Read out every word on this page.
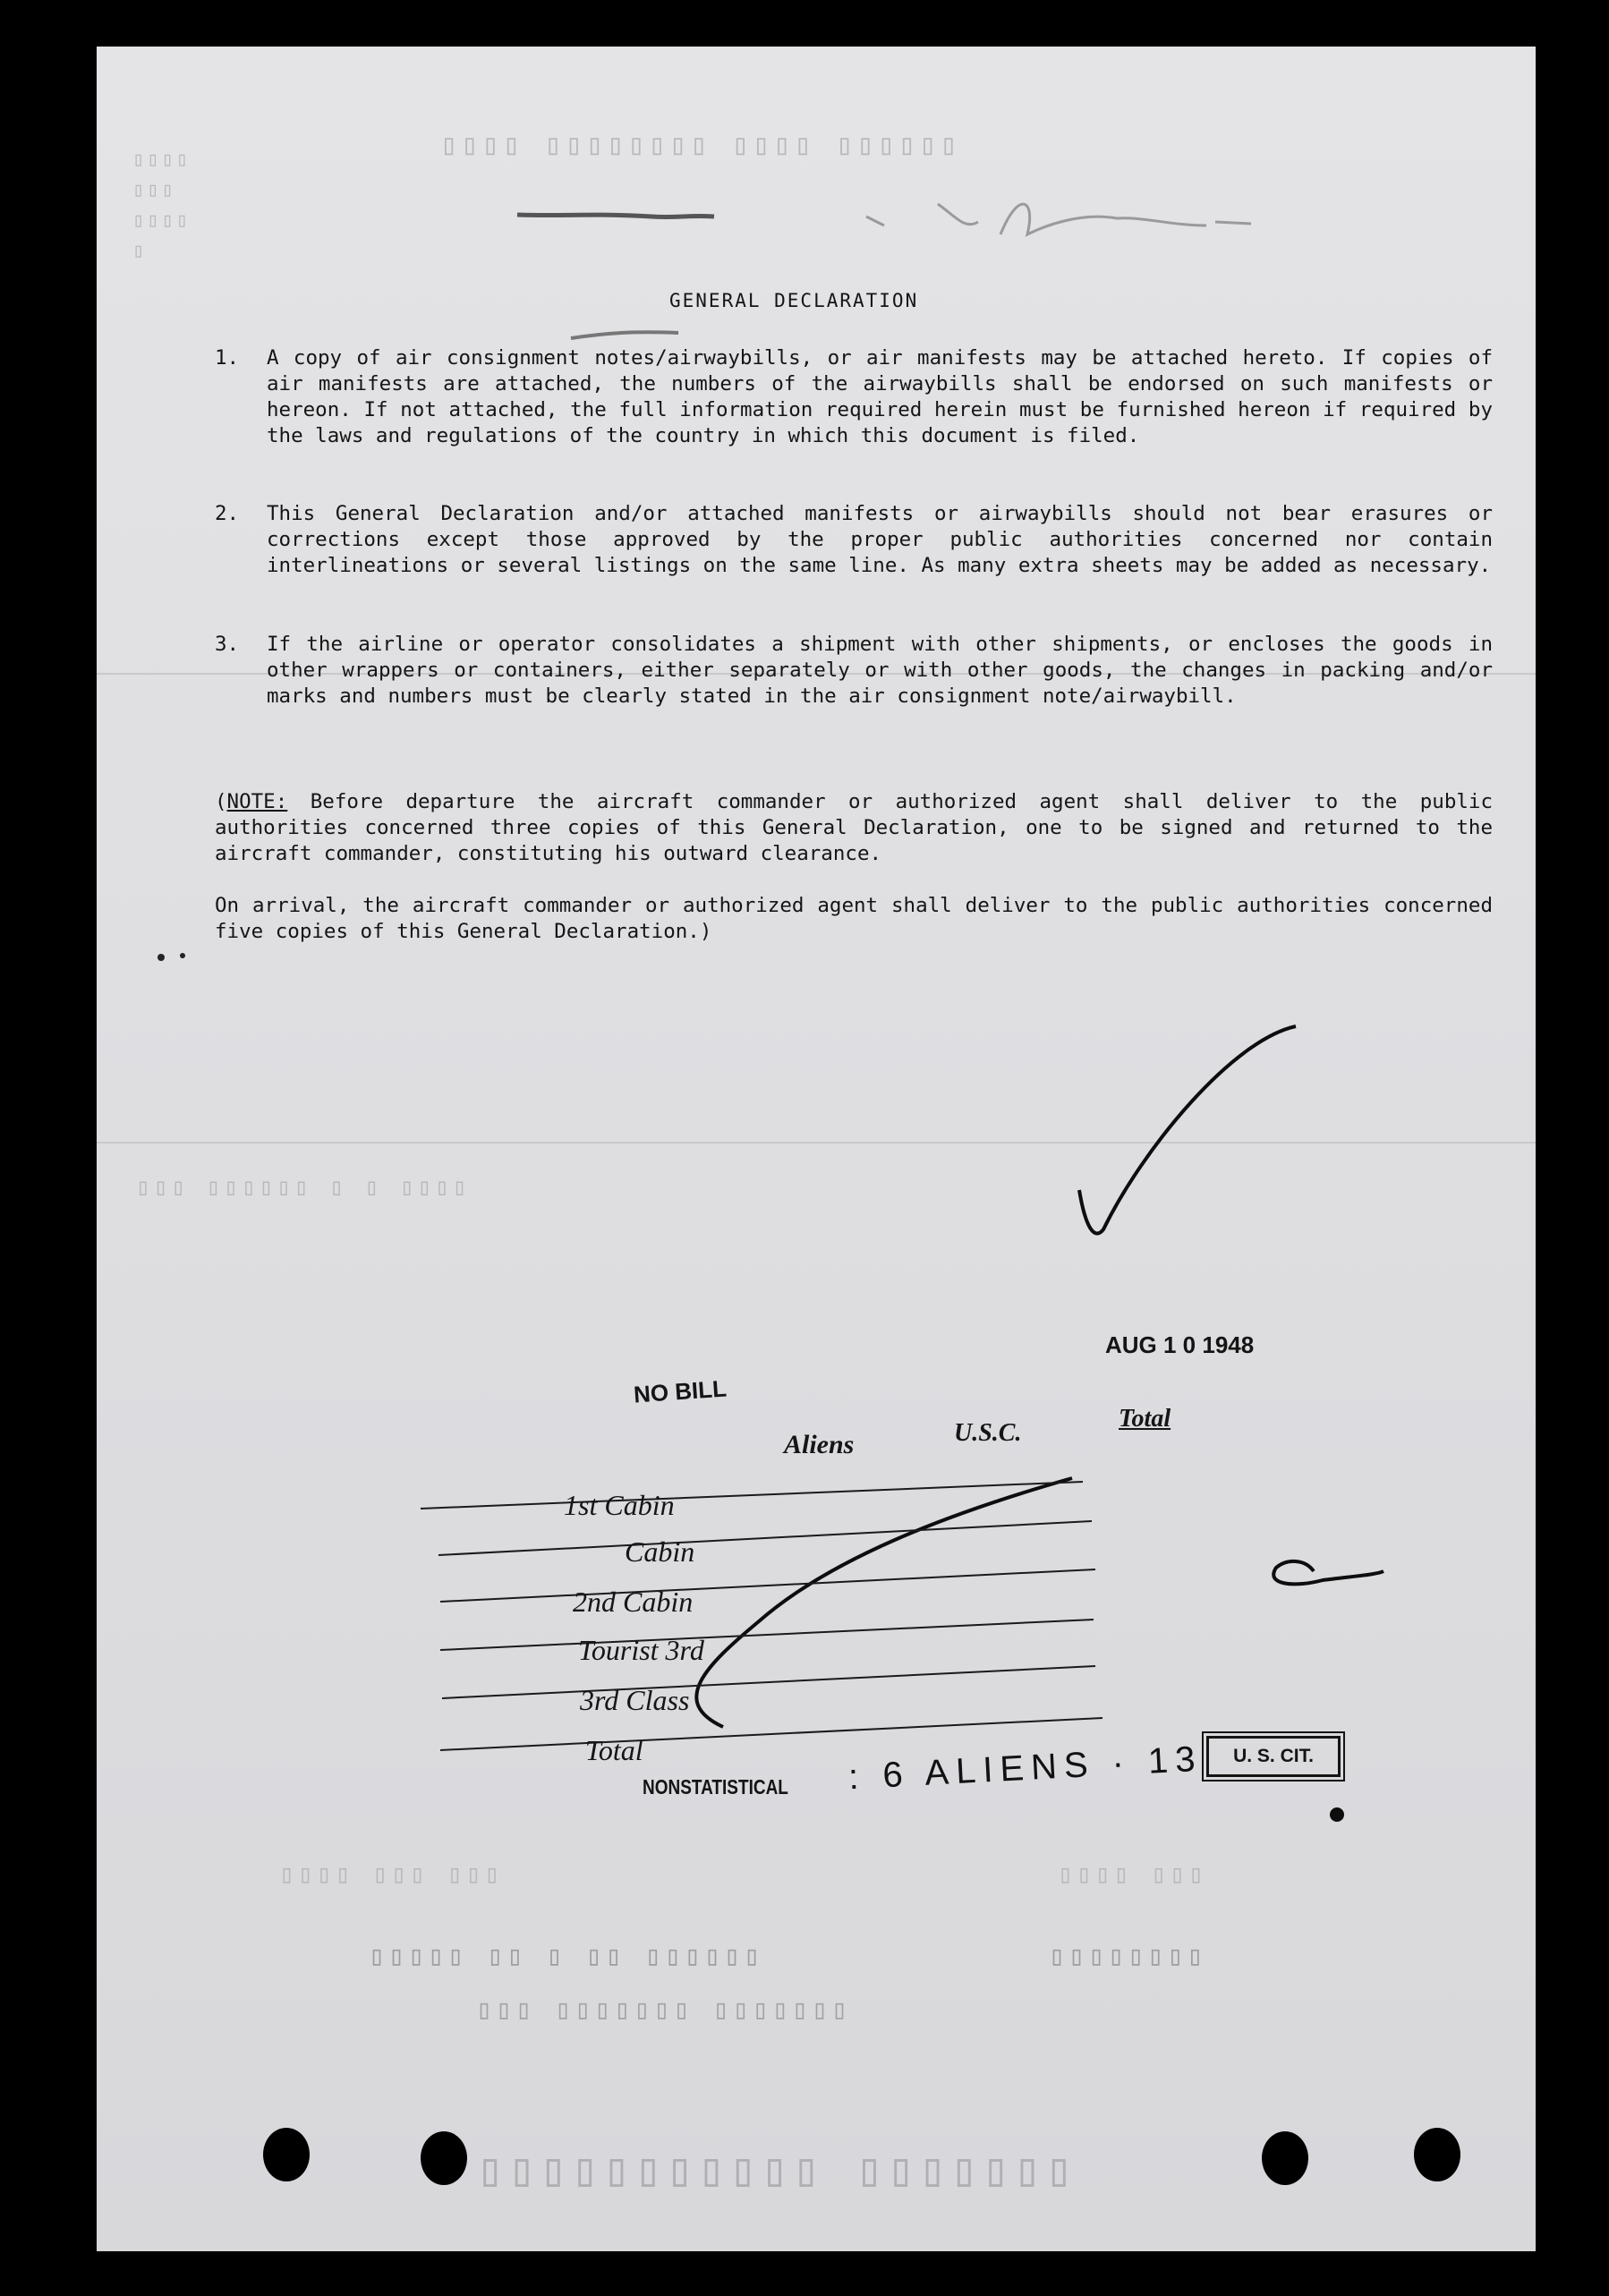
▯▯▯▯▯▯ ▯▯▯▯ ▯▯▯▯▯▯▯▯ ▯▯▯▯
▯▯▯▯
▯▯▯
▯▯▯▯
▯
▯▯▯▯ ▯ ▯ ▯▯▯▯▯▯ ▯▯▯
▯▯▯ ▯▯▯ ▯▯▯▯	▯▯▯ ▯▯▯▯
▯▯▯▯▯▯ ▯▯ ▯ ▯▯ ▯▯▯▯▯	▯▯▯▯▯▯▯▯
▯▯▯▯▯▯▯ ▯▯▯▯▯▯▯ ▯▯▯
▯▯▯▯▯▯▯ ▯▯▯▯▯▯▯▯▯▯▯
GENERAL DECLARATION
1. A copy of air consignment notes/airwaybills, or air manifests may be attached hereto. If copies of air manifests are attached, the numbers of the airwaybills shall be endorsed on such manifests or hereon. If not attached, the full information required herein must be furnished hereon if required by the laws and regulations of the country in which this document is filed.
2. This General Declaration and/or attached manifests or airwaybills should not bear erasures or corrections except those approved by the proper public authorities concerned nor contain interlineations or several listings on the same line. As many extra sheets may be added as necessary.
3. If the airline or operator consolidates a shipment with other shipments, or encloses the goods in other wrappers or containers, either separately or with other goods, the changes in packing and/or marks and numbers must be clearly stated in the air consignment note/airwaybill.
(NOTE: Before departure the aircraft commander or authorized agent shall deliver to the public authorities concerned three copies of this General Declaration, one to be signed and returned to the aircraft commander, constituting his outward clearance.
On arrival, the aircraft commander or authorized agent shall deliver to the public authorities concerned five copies of this General Declaration.)
AUG 1 0 1948
NO BILL
Aliens	U.S.C.
Total
1st Cabin
Cabin
2nd Cabin
Tourist 3rd
3rd Class
Total
NONSTATISTICAL : 6 ALIENS · 13	U. S. CIT.
